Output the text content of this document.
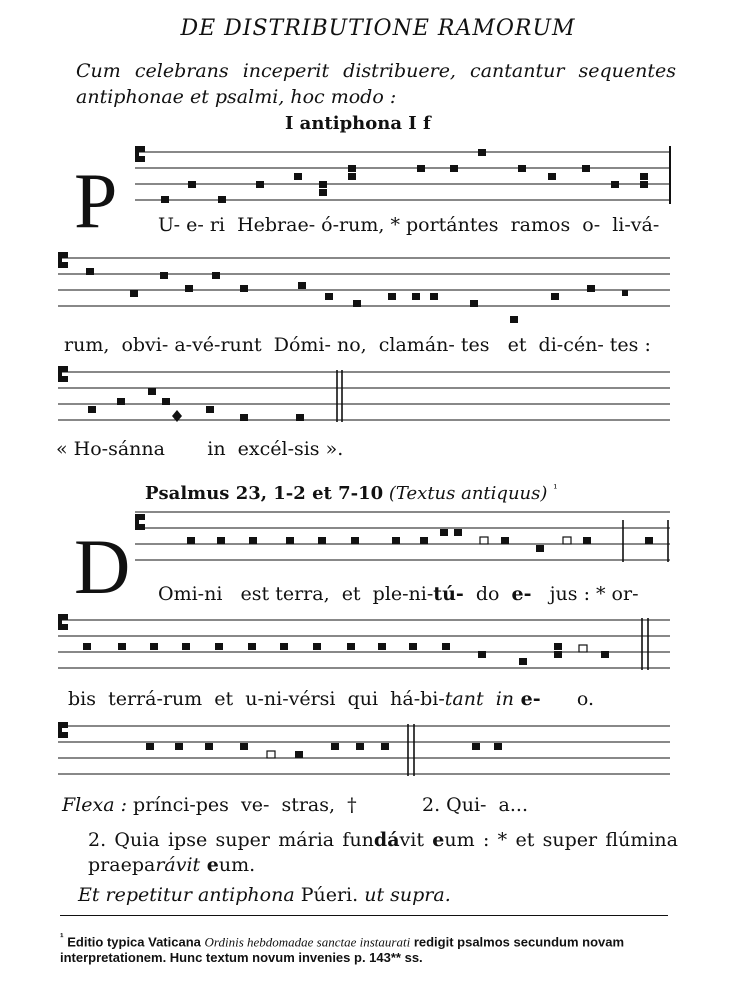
DE DISTRIBUTIONE RAMORUM
Cum celebrans inceperit distribuere, cantantur sequentes antiphonae et psalmi, hoc modo :
I antiphona I f
P U- e- ri  Hebrae- ó-rum, * portántes  ramos  o-  li-vá-
rum,  obvi- a-vé-runt  Dómi- no,  clamán- tes   et  di-cén- tes :
« Ho-sánna       in  excél-sis ».
Psalmus 23, 1-2 et 7-10 (Textus antiquus) $^{^1}$
D Omi-ni est terra,  et  ple-ni-tú-  do  e-   jus : * or-
bis  terrá-rum  et  u-ni-vérsi  qui  há-bi-tant  in e-      o.
Flexa : prínci-pes  ve-  stras,  †	2. Qui-  a...
2. Quia ipse super mária fundávit eum : * et super flúmina praeparávit eum.
Et repetitur antiphona Púeri. ut supra.
$^{^1}$ Editio typica Vaticana Ordinis hebdomadae sanctae instaurati redigit psalmos secundum novam interpretationem. Hunc textum novum invenies p. 143** ss.
